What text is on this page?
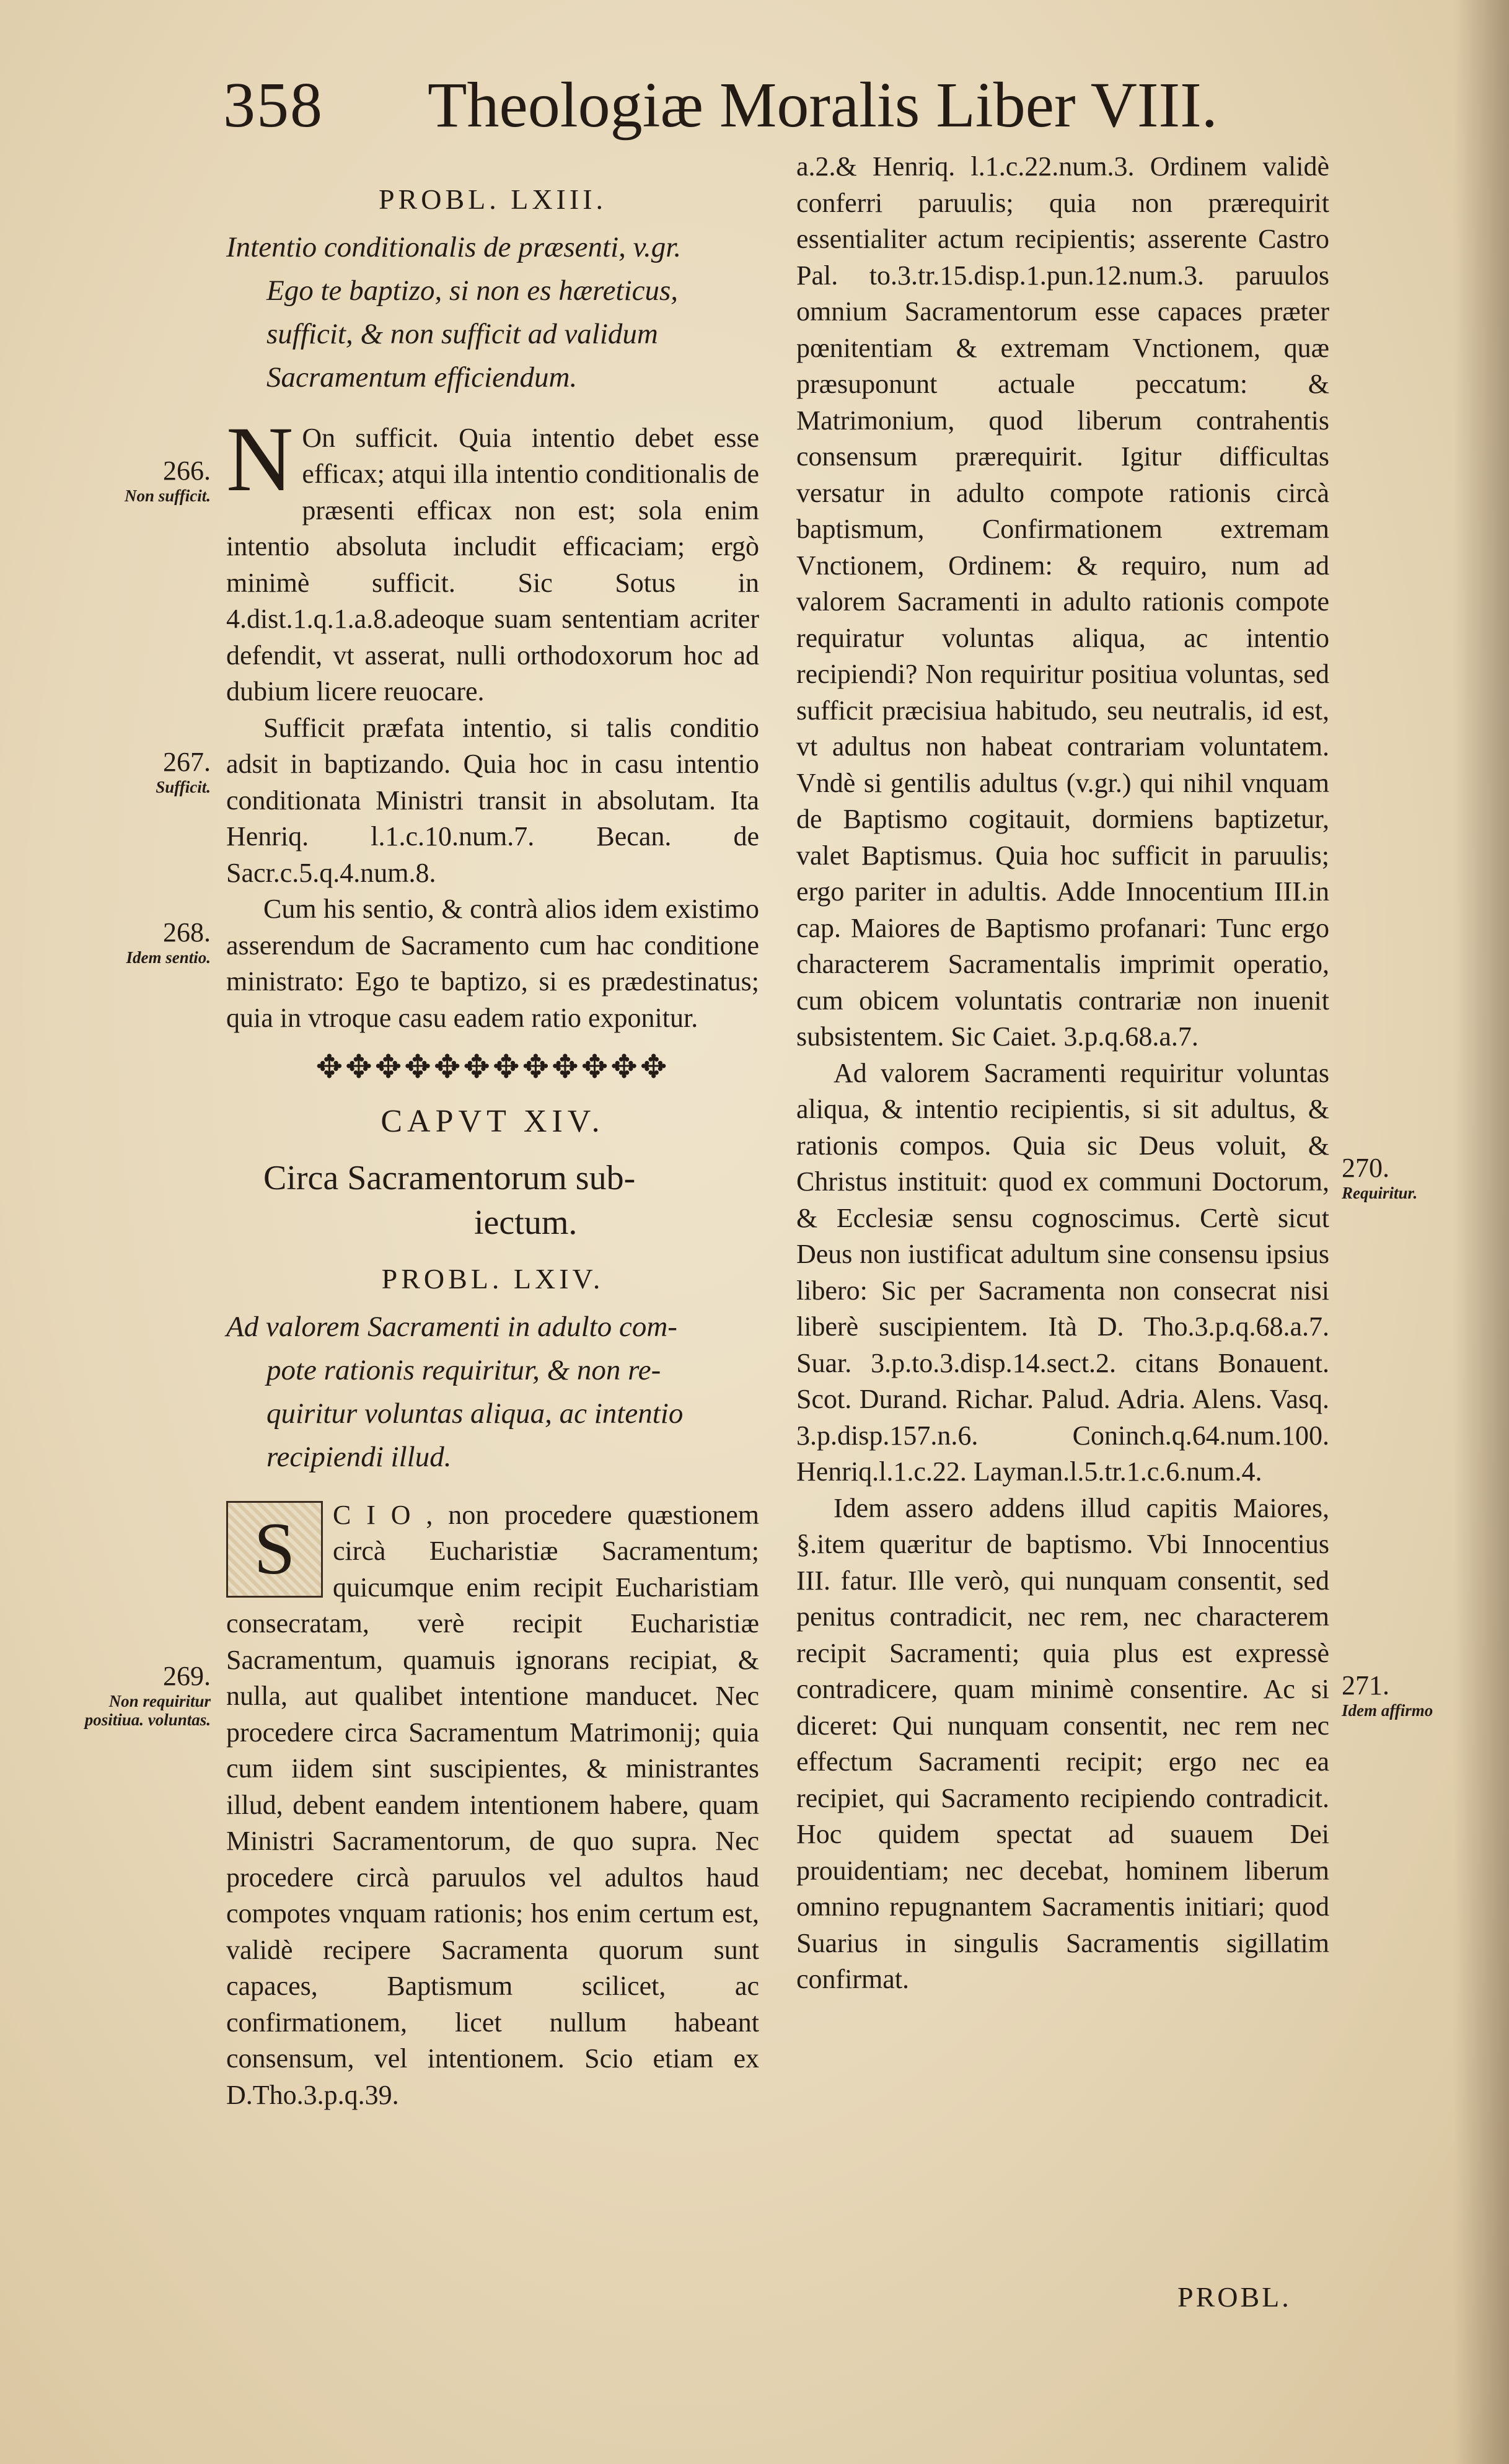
358 Theologiæ Moralis Liber VIII.
PROBL. LXIII.

Intentio conditionalis de præsenti, v.gr.
Ego te baptizo, si non es hæreticus,
sufficit, & non sufficit ad validum
Sacramentum efficiendum.

N On sufficit. Quia intentio debet esse efficax; atqui illa intentio conditionalis de præsenti efficax non est; sola enim intentio absoluta includit efficaciam; ergò minimè sufficit. Sic Sotus in 4.dist.1.q.1.a.8.adeoque suam sententiam acriter defendit, vt asserat, nulli orthodoxorum hoc ad dubium licere reuocare.

Sufficit præfata intentio, si talis conditio adsit in baptizando. Quia hoc in casu intentio conditionata Ministri transit in absolutam. Ita Henriq. l.1.c.10.num.7. Becan. de Sacr.c.5.q.4.num.8.

Cum his sentio, & contrà alios idem existimo asserendum de Sacramento cum hac conditione ministrato: Ego te baptizo, si es prædestinatus; quia in vtroque casu eadem ratio exponitur.

✥✥✥✥✥✥✥✥✥✥✥✥
CAPVT XIV.
Circa Sacramentorum sub-
iectum.
PROBL. LXIV.

Ad valorem Sacramenti in adulto com-
pote rationis requiritur, & non re-
quiritur voluntas aliqua, ac intentio
recipiendi illud.

S	C I O , non procedere quæstionem circà Eucharistiæ Sacramentum; quicumque enim recipit Eucharistiam consecratam, verè recipit Eucharistiæ Sacramentum, quamuis ignorans recipiat, & nulla, aut qualibet intentione manducet. Nec procedere circa Sacramentum Matrimonij; quia cum iidem sint suscipientes, & ministrantes illud, debent eandem intentionem habere, quam Ministri Sacramentorum, de quo supra. Nec procedere circà paruulos vel adultos haud compotes vnquam rationis; hos enim certum est, validè recipere Sacramenta quorum sunt capaces, Baptismum scilicet, ac confirmationem, licet nullum habeant consensum, vel intentionem. Scio etiam ex D.Tho.3.p.q.39.

a.2.& Henriq. l.1.c.22.num.3. Ordinem validè conferri paruulis; quia non prærequirit essentialiter actum recipientis; asserente Castro Pal. to.3.tr.15.disp.1.pun.12.num.3. paruulos omnium Sacramentorum esse capaces præter pœnitentiam & extremam Vnctionem, quæ præsuponunt actuale peccatum: & Matrimonium, quod liberum contrahentis consensum prærequirit. Igitur difficultas versatur in adulto compote rationis circà baptismum, Confirmationem extremam Vnctionem, Ordinem: & requiro, num ad valorem Sacramenti in adulto rationis compote requiratur voluntas aliqua, ac intentio recipiendi? Non requiritur positiua voluntas, sed sufficit præcisiua habitudo, seu neutralis, id est, vt adultus non habeat contrariam voluntatem. Vndè si gentilis adultus (v.gr.) qui nihil vnquam de Baptismo cogitauit, dormiens baptizetur, valet Baptismus. Quia hoc sufficit in paruulis; ergo pariter in adultis. Adde Innocentium III.in cap. Maiores de Baptismo profanari: Tunc ergo characterem Sacramentalis imprimit operatio, cum obicem voluntatis contrariæ non inuenit subsistentem. Sic Caiet. 3.p.q.68.a.7.

Ad valorem Sacramenti requiritur voluntas aliqua, & intentio recipientis, si sit adultus, & rationis compos. Quia sic Deus voluit, & Christus instituit: quod ex communi Doctorum, & Ecclesiæ sensu cognoscimus. Certè sicut Deus non iustificat adultum sine consensu ipsius libero: Sic per Sacramenta non consecrat nisi liberè suscipientem. Ità D. Tho.3.p.q.68.a.7. Suar. 3.p.to.3.disp.14.sect.2. citans Bonauent. Scot. Durand. Richar. Palud. Adria. Alens. Vasq. 3.p.disp.157.n.6. Coninch.q.64.num.100. Henriq.l.1.c.22. Layman.l.5.tr.1.c.6.num.4.

Idem assero addens illud capitis Maiores, §.item quæritur de baptismo. Vbi Innocentius III. fatur. Ille verò, qui nunquam consentit, sed penitus contradicit, nec rem, nec characterem recipit Sacramenti; quia plus est expressè contradicere, quam minimè consentire. Ac si diceret: Qui nunquam consentit, nec rem nec effectum Sacramenti recipit; ergo nec ea recipiet, qui Sacramento recipiendo contradicit. Hoc quidem spectat ad suauem Dei prouidentiam; nec decebat, hominem liberum omnino repugnantem Sacramentis initiari; quod Suarius in singulis Sacramentis sigillatim confirmat.

PROBL.
266.
Non sufficit.
267.
Sufficit.
268.
Idem sentio.
269.
Non requiritur positiua. voluntas.
270.
Requiritur.
271.
Idem affirmo
